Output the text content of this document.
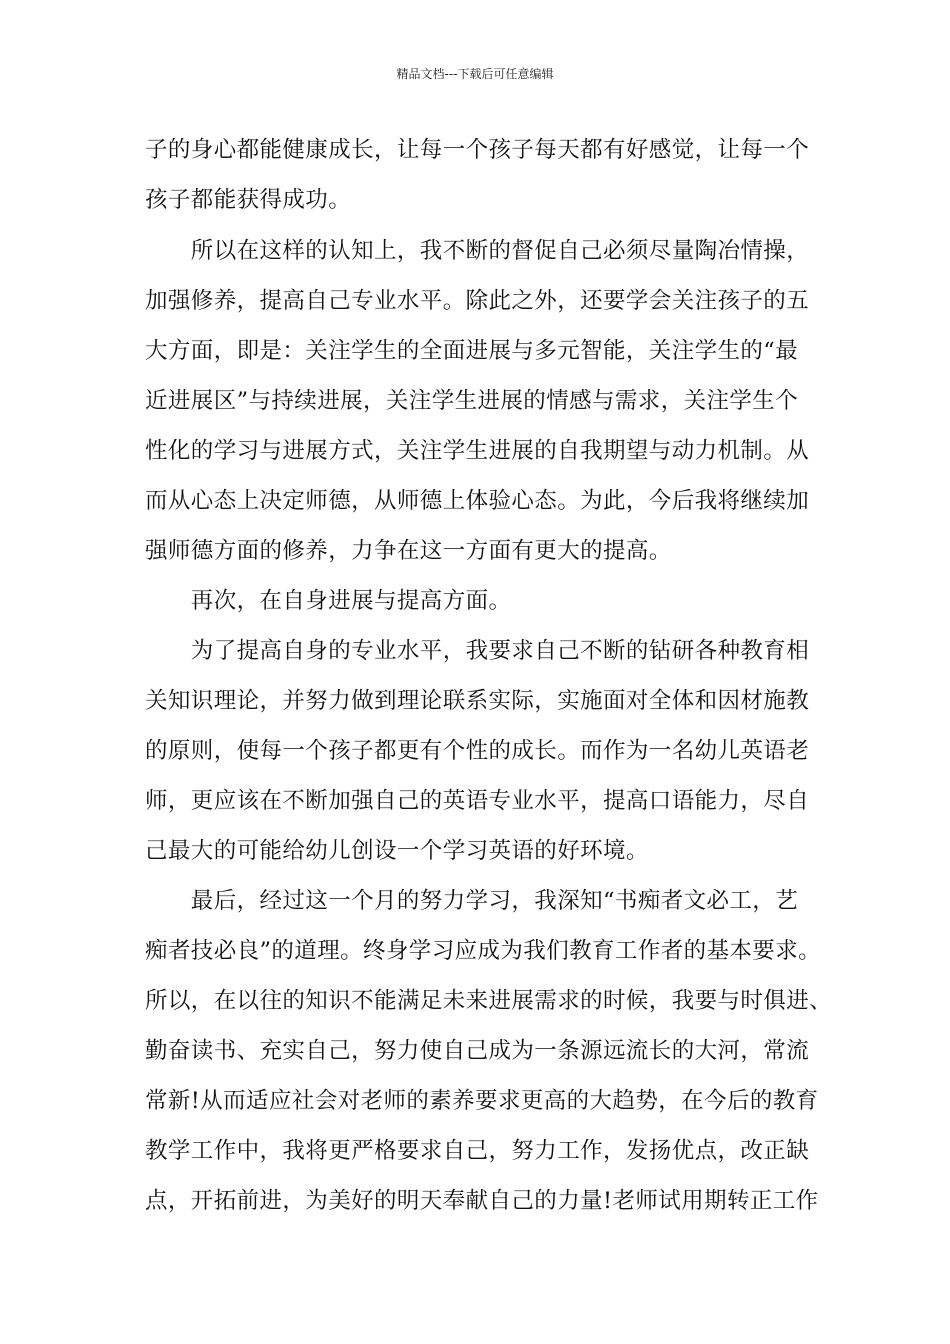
精品文档---下载后可任意编辑
子的身心都能健康成长，让每一个孩子每天都有好感觉，让每一个
孩子都能获得成功。
　　所以在这样的认知上，我不断的督促自己必须尽量陶冶情操，
加强修养，提高自己专业水平。除此之外，还要学会关注孩子的五
大方面，即是：关注学生的全面进展与多元智能，关注学生的“最
近进展区”与持续进展，关注学生进展的情感与需求，关注学生个
性化的学习与进展方式，关注学生进展的自我期望与动力机制。从
而从心态上决定师德，从师德上体验心态。为此，今后我将继续加
强师德方面的修养，力争在这一方面有更大的提高。
　　再次，在自身进展与提高方面。
　　为了提高自身的专业水平，我要求自己不断的钻研各种教育相
关知识理论，并努力做到理论联系实际，实施面对全体和因材施教
的原则，使每一个孩子都更有个性的成长。而作为一名幼儿英语老
师，更应该在不断加强自己的英语专业水平，提高口语能力，尽自
己最大的可能给幼儿创设一个学习英语的好环境。
　　最后，经过这一个月的努力学习，我深知“书痴者文必工，艺
痴者技必良”的道理。终身学习应成为我们教育工作者的基本要求。
所以，在以往的知识不能满足未来进展需求的时候，我要与时俱进、
勤奋读书、充实自己，努力使自己成为一条源远流长的大河，常流
常新!从而适应社会对老师的素养要求更高的大趋势，在今后的教育
教学工作中，我将更严格要求自己，努力工作，发扬优点，改正缺
点，开拓前进，为美好的明天奉献自己的力量!老师试用期转正工作
